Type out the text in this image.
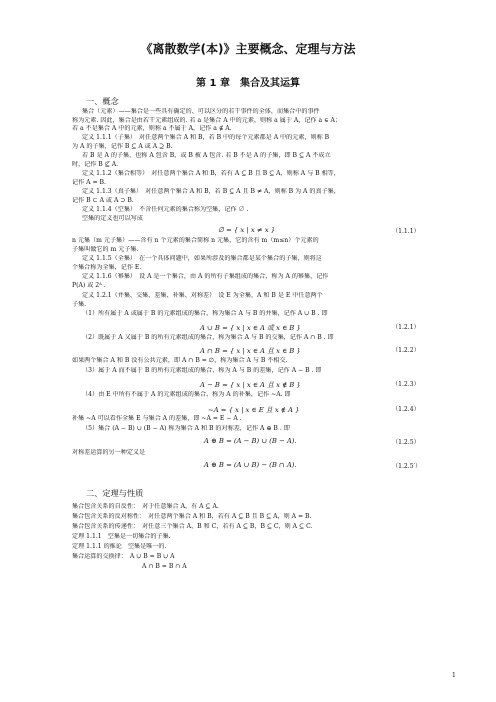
《离散数学(本)》主要概念、定理与方法
第 1 章　集合及其运算
一、概念
集合（元素）——集合是一些具有确定的、可以区分的若干事件的全体，而集合中的事件
称为元素. 因此，集合是由若干元素组成的. 若 a 是集合 A 中的元素，则称 a 属于 A，记作 a ∈ A；
若 a 不是集合 A 中的元素，则称 a 不属于 A，记作 a ∉ A.
定义 1.1.1（子集）　对任意两个集合 A 和 B，若 B 中的每个元素都是 A 中的元素，则称 B
为 A 的子集，记作 B ⊆ A 或 A ⊇ B.
若 B 是 A 的子集，也称 A 包含 B，或 B 被 A 包含. 若 B 不是 A 的子集，即 B ⊆ A 不成立
时，记作 B ⊈ A.
定义 1.1.2（集合相等）　对任意两个集合 A 和 B，若有 A ⊆ B 且 B ⊆ A，则称 A 与 B 相等，
记作 A = B.
定义 1.1.3（真子集）　对任意两个集合 A 和 B，若 B ⊆ A 且 B ≠ A，则称 B 为 A 的真子集，
记作 B ⊂ A 或 A ⊃ B.
定义 1.1.4（空集）　不含任何元素的集合称为空集，记作 ∅ .
空集的定义也可以写成
∅ = { x | x ≠ x }	（1.1.1）
n 元集（m 元子集）——含有 n 个元素的集合简称 n 元集，它的含有 m（m≤n）个元素的
子集叫做它的 m 元子集.
定义 1.1.5（全集）　在一个具体问题中，如果所涉及的集合都是某个集合的子集，则将这
个集合称为全集，记作 E.
定义 1.1.6（幂集）　设 A 是一个集合，由 A 的所有子集组成的集合，称为 A 的幂集，记作
P(A) 或 2ᴬ .
定义 1.2.1（并集、交集、差集、补集、对称差）　设 E 为全集，A 和 B 是 E 中任意两个
子集.
（1）所有属于 A 或属于 B 的元素组成的集合，称为集合 A 与 B 的并集，记作 A ∪ B . 即
A ∪ B = { x | x ∈ A 或 x ∈ B }	（1.2.1）
（2）既属于 A 又属于 B 的所有元素组成的集合，称为集合 A 与 B 的交集，记作 A ∩ B . 即
A ∩ B = { x | x ∈ A 且 x ∈ B }	（1.2.2）
如果两个集合 A 和 B 没有公共元素，即 A ∩ B = ∅，称为集合 A 与 B 不相交.
（3）属于 A 而不属于 B 的所有元素组成的集合，称为 A 与 B 的差集，记作 A − B . 即
A − B = { x | x ∈ A 且 x ∉ B }	（1.2.3）
（4）由 E 中所有不属于 A 的元素组成的集合，称为 A 的补集，记作 ~A. 即
~A = { x | x ∈ E 且 x ∉ A }	（1.2.4）
补集 ~A 可以看作全集 E 与集合 A 的差集，即 ~A = E − A .
（5）集合 (A − B) ∪ (B − A) 称为集合 A 和 B 的对称差，记作 A ⊕ B . 即
A ⊕ B = (A − B) ∪ (B − A).	（1.2.5）
对称差运算的另一种定义是
A ⊕ B = (A ∪ B) − (B ∩ A).	（1.2.5′）
二、定理与性质
集合包含关系的自反性：　对于任意集合 A，有 A ⊆ A.
集合包含关系的反对称性：　对任意两个集合 A 和 B，若有 A ⊆ B 且 B ⊆ A，则 A = B.
集合包含关系的传递性：　对任意三个集合 A，B 和 C，若有 A ⊆ B，B ⊆ C，则 A ⊆ C.
定理 1.1.1　空集是一切集合的子集.
定理 1.1.1 的推论　空集是唯一的.
集合运算的交换律：　A ∪ B = B ∪ A
A ∩ B = B ∩ A
1
